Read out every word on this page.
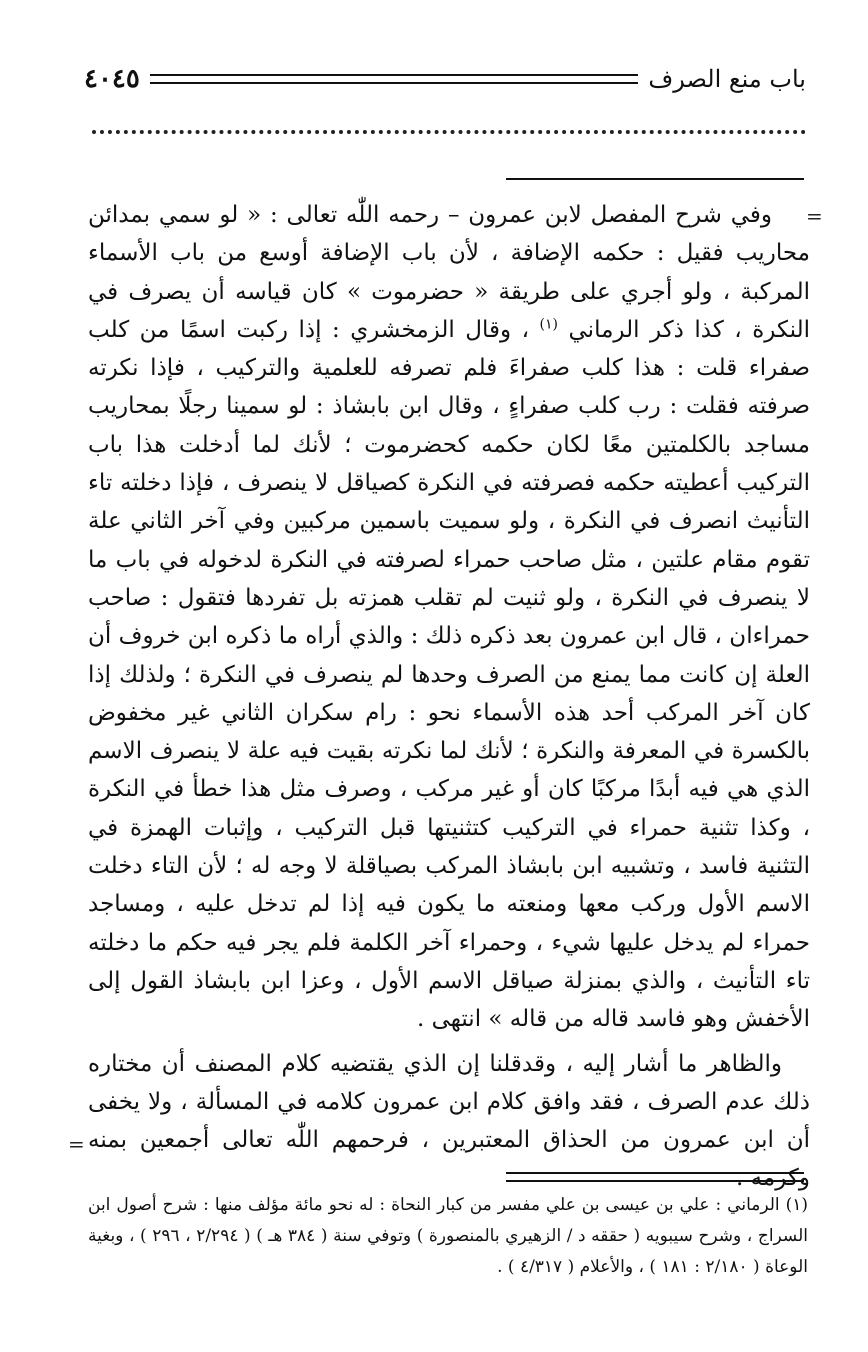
باب منع الصرف
٤٠٤٥
=

وفي شرح المفصل لابن عمرون – رحمه اللّٰه تعالى : « لو سمي بمدائن محاريب فقيل : حكمه الإضافة ، لأن باب الإضافة أوسع من باب الأسماء المركبة ، ولو أجري على طريقة « حضرموت » كان قياسه أن يصرف في النكرة ، كذا ذكر الرماني $^{(١)}$ ، وقال الزمخشري : إذا ركبت اسمًا من كلب صفراء قلت : هذا كلب صفراءَ فلم تصرفه للعلمية والتركيب ، فإذا نكرته صرفته فقلت : رب كلب صفراءٍ ، وقال ابن بابشاذ : لو سمينا رجلًا بمحاريب مساجد بالكلمتين معًا لكان حكمه كحضرموت ؛ لأنك لما أدخلت هذا باب التركيب أعطيته حكمه فصرفته في النكرة كصياقل لا ينصرف ، فإذا دخلته تاء التأنيث انصرف في النكرة ، ولو سميت باسمين مركبين وفي آخر الثاني علة تقوم مقام علتين ، مثل صاحب حمراء لصرفته في النكرة لدخوله في باب ما لا ينصرف في النكرة ، ولو ثنيت لم تقلب همزته بل تفردها فتقول : صاحب حمراءان ، قال ابن عمرون بعد ذكره ذلك : والذي أراه ما ذكره ابن خروف أن العلة إن كانت مما يمنع من الصرف وحدها لم ينصرف في النكرة ؛ ولذلك إذا كان آخر المركب أحد هذه الأسماء نحو : رام سكران الثاني غير مخفوض بالكسرة في المعرفة والنكرة ؛ لأنك لما نكرته بقيت فيه علة لا ينصرف الاسم الذي هي فيه أبدًا مركبًا كان أو غير مركب ، وصرف مثل هذا خطأ في النكرة ، وكذا تثنية حمراء في التركيب كتثنيتها قبل التركيب ، وإثبات الهمزة في التثنية فاسد ، وتشبيه ابن بابشاذ المركب بصياقلة لا وجه له ؛ لأن التاء دخلت الاسم الأول وركب معها ومنعته ما يكون فيه إذا لم تدخل عليه ، ومساجد حمراء لم يدخل عليها شيء ، وحمراء آخر الكلمة فلم يجر فيه حكم ما دخلته تاء التأنيث ، والذي بمنزلة صياقل الاسم الأول ، وعزا ابن بابشاذ القول إلى الأخفش وهو فاسد قاله من قاله » انتهى .

والظاهر ما أشار إليه ، وقدقلنا إن الذي يقتضيه كلام المصنف أن مختاره ذلك عدم الصرف ، فقد وافق كلام ابن عمرون كلامه في المسألة ، ولا يخفى أن ابن عمرون من الحذاق المعتبرين ، فرحمهم اللّٰه تعالى أجمعين بمنه وكرمه .

=

(١) الرماني : علي بن عيسى بن علي مفسر من كبار النحاة : له نحو مائة مؤلف منها : شرح أصول ابن السراج ، وشرح سيبويه ( حققه د / الزهيري بالمنصورة ) وتوفي سنة ( ٣٨٤ هـ ) ( ٢/٢٩٤ ، ٢٩٦ ) ، وبغية الوعاة ( ٢/١٨٠ : ١٨١ ) ، والأعلام ( ٤/٣١٧ ) .
